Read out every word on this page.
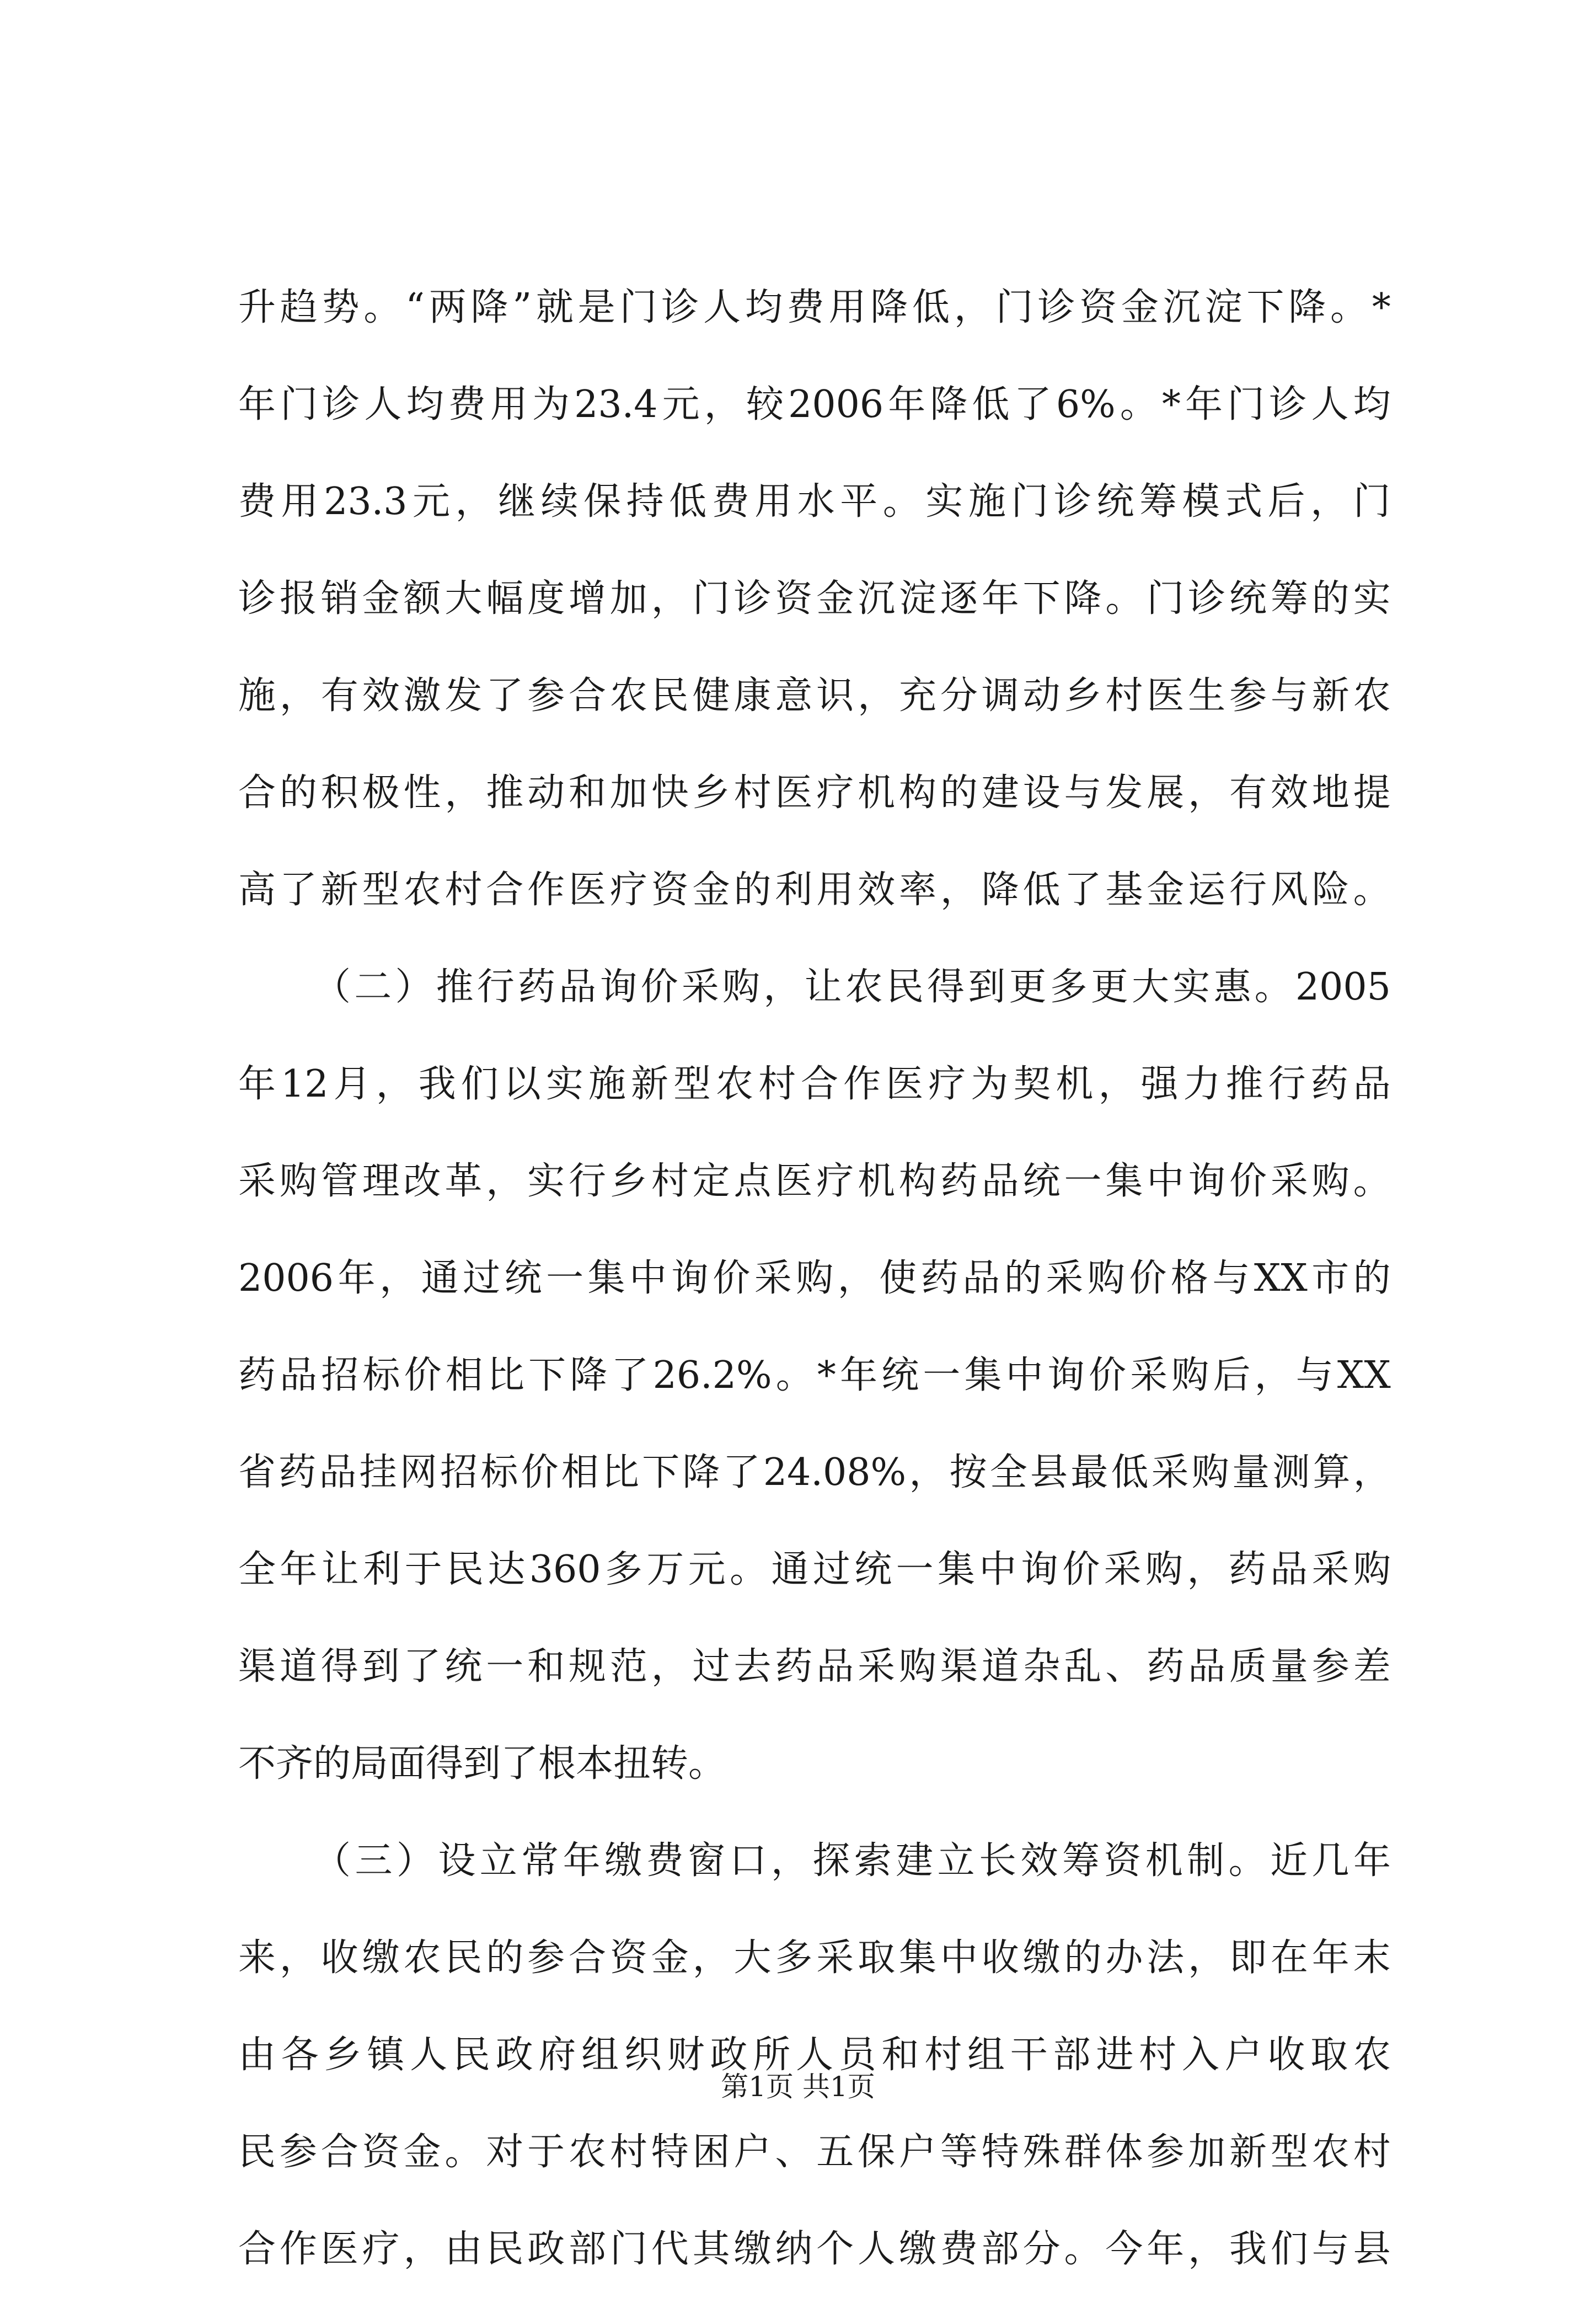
升 趋 势 。 “ 两 降 ” 就 是 门 诊 人 均 费 用 降 低 ， 门 诊 资 金 沉 淀 下 降 。 *
年 门 诊 人 均 费 用 为 23.4 元 ， 较 2006 年 降 低 了 6% 。 * 年 门 诊 人 均
费 用 23.3 元 ， 继 续 保 持 低 费 用 水 平 。 实 施 门 诊 统 筹 模 式 后 ， 门
诊 报 销 金 额 大 幅 度 增 加 ， 门 诊 资 金 沉 淀 逐 年 下 降 。 门 诊 统 筹 的 实
施 ， 有 效 激 发 了 参 合 农 民 健 康 意 识 ， 充 分 调 动 乡 村 医 生 参 与 新 农
合 的 积 极 性 ， 推 动 和 加 快 乡 村 医 疗 机 构 的 建 设 与 发 展 ， 有 效 地 提
高 了 新 型 农 村 合 作 医 疗 资 金 的 利 用 效 率 ， 降 低 了 基 金 运 行 风 险 。
（ 二 ） 推 行 药 品 询 价 采 购 ， 让 农 民 得 到 更 多 更 大 实 惠 。 2005
年 12 月 ， 我 们 以 实 施 新 型 农 村 合 作 医 疗 为 契 机 ， 强 力 推 行 药 品
采 购 管 理 改 革 ， 实 行 乡 村 定 点 医 疗 机 构 药 品 统 一 集 中 询 价 采 购 。
2006 年 ， 通 过 统 一 集 中 询 价 采 购 ， 使 药 品 的 采 购 价 格 与 XX 市 的
药 品 招 标 价 相 比 下 降 了 26.2% 。 * 年 统 一 集 中 询 价 采 购 后 ， 与 XX
省 药 品 挂 网 招 标 价 相 比 下 降 了 24.08% ， 按 全 县 最 低 采 购 量 测 算 ，
全 年 让 利 于 民 达 360 多 万 元 。 通 过 统 一 集 中 询 价 采 购 ， 药 品 采 购
渠 道 得 到 了 统 一 和 规 范 ， 过 去 药 品 采 购 渠 道 杂 乱 、 药 品 质 量 参 差
不齐的局面得到了根本扭转。
（ 三 ） 设 立 常 年 缴 费 窗 口 ， 探 索 建 立 长 效 筹 资 机 制 。 近 几 年
来 ， 收 缴 农 民 的 参 合 资 金 ， 大 多 采 取 集 中 收 缴 的 办 法 ， 即 在 年 末
由 各 乡 镇 人 民 政 府 组 织 财 政 所 人 员 和 村 组 干 部 进 村 入 户 收 取 农
民 参 合 资 金 。 对 于 农 村 特 困 户 、 五 保 户 等 特 殊 群 体 参 加 新 型 农 村
合 作 医 疗 ， 由 民 政 部 门 代 其 缴 纳 个 人 缴 费 部 分 。 今 年 ， 我 们 与 县
第1页 共1页
